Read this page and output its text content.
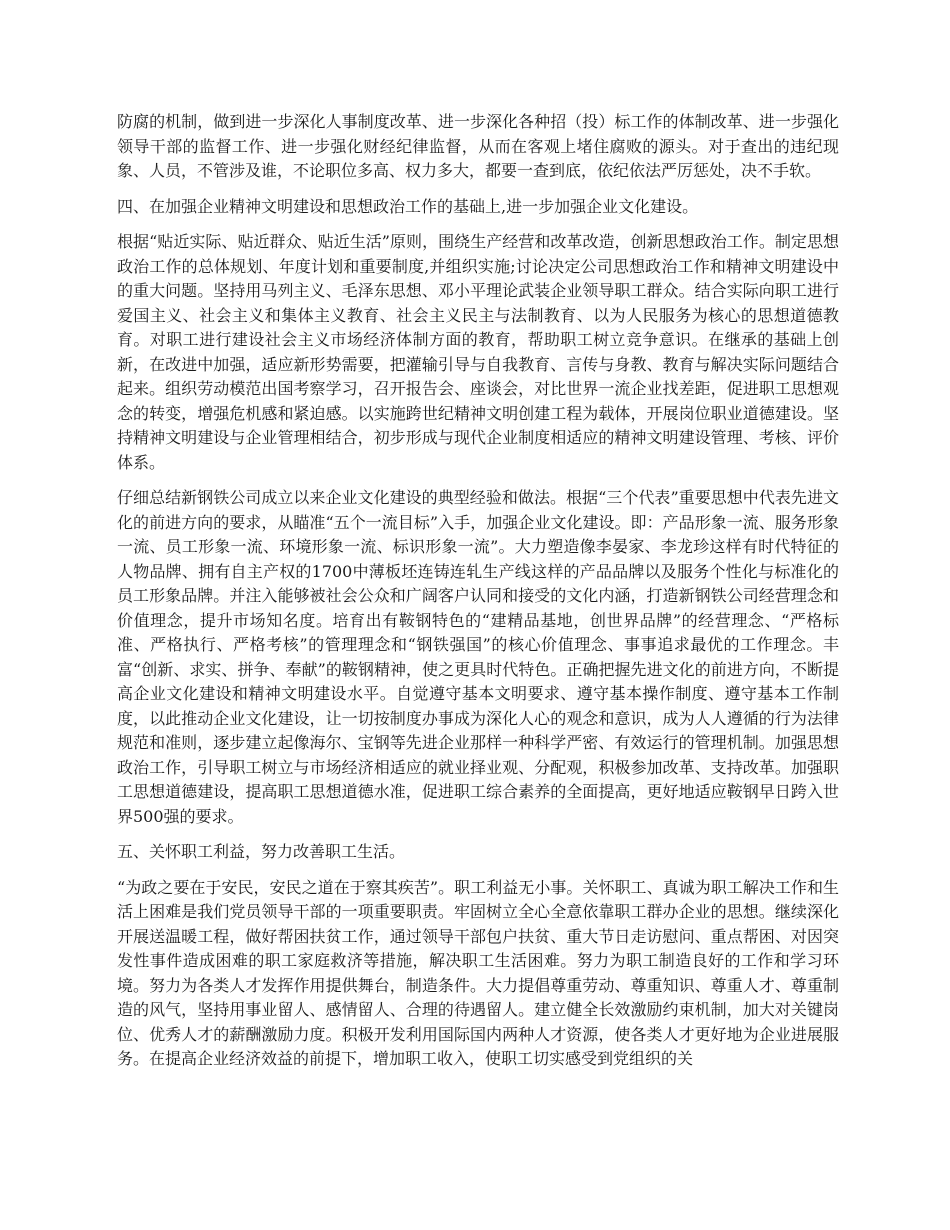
防腐的机制，做到进一步深化人事制度改革、进一步深化各种招（投）标工作的体制改革、进一步强化领导干部的监督工作、进一步强化财经纪律监督，从而在客观上堵住腐败的源头。对于查出的违纪现象、人员，不管涉及谁，不论职位多高、权力多大，都要一查到底，依纪依法严厉惩处，决不手软。

四、在加强企业精神文明建设和思想政治工作的基础上,进一步加强企业文化建设。

根据“贴近实际、贴近群众、贴近生活”原则，围绕生产经营和改革改造，创新思想政治工作。制定思想政治工作的总体规划、年度计划和重要制度,并组织实施;讨论决定公司思想政治工作和精神文明建设中的重大问题。坚持用马列主义、毛泽东思想、邓小平理论武装企业领导职工群众。结合实际向职工进行爱国主义、社会主义和集体主义教育、社会主义民主与法制教育、以为人民服务为核心的思想道德教育。对职工进行建设社会主义市场经济体制方面的教育，帮助职工树立竞争意识。在继承的基础上创新，在改进中加强，适应新形势需要，把灌输引导与自我教育、言传与身教、教育与解决实际问题结合起来。组织劳动模范出国考察学习，召开报告会、座谈会，对比世界一流企业找差距，促进职工思想观念的转变，增强危机感和紧迫感。以实施跨世纪精神文明创建工程为载体，开展岗位职业道德建设。坚持精神文明建设与企业管理相结合，初步形成与现代企业制度相适应的精神文明建设管理、考核、评价体系。

仔细总结新钢铁公司成立以来企业文化建设的典型经验和做法。根据“三个代表”重要思想中代表先进文化的前进方向的要求，从瞄准“五个一流目标”入手，加强企业文化建设。即：产品形象一流、服务形象一流、员工形象一流、环境形象一流、标识形象一流”。大力塑造像李晏家、李龙珍这样有时代特征的人物品牌、拥有自主产权的1700中薄板坯连铸连轧生产线这样的产品品牌以及服务个性化与标准化的员工形象品牌。并注入能够被社会公众和广阔客户认同和接受的文化内涵，打造新钢铁公司经营理念和价值理念，提升市场知名度。培育出有鞍钢特色的“建精品基地，创世界品牌”的经营理念、“严格标准、严格执行、严格考核”的管理理念和“钢铁强国”的核心价值理念、事事追求最优的工作理念。丰富“创新、求实、拼争、奉献”的鞍钢精神，使之更具时代特色。正确把握先进文化的前进方向，不断提高企业文化建设和精神文明建设水平。自觉遵守基本文明要求、遵守基本操作制度、遵守基本工作制度，以此推动企业文化建设，让一切按制度办事成为深化人心的观念和意识，成为人人遵循的行为法律规范和准则，逐步建立起像海尔、宝钢等先进企业那样一种科学严密、有效运行的管理机制。加强思想政治工作，引导职工树立与市场经济相适应的就业择业观、分配观，积极参加改革、支持改革。加强职工思想道德建设，提高职工思想道德水准，促进职工综合素养的全面提高，更好地适应鞍钢早日跨入世界500强的要求。

五、关怀职工利益，努力改善职工生活。

“为政之要在于安民，安民之道在于察其疾苦”。职工利益无小事。关怀职工、真诚为职工解决工作和生活上困难是我们党员领导干部的一项重要职责。牢固树立全心全意依靠职工群办企业的思想。继续深化开展送温暖工程，做好帮困扶贫工作，通过领导干部包户扶贫、重大节日走访慰问、重点帮困、对因突发性事件造成困难的职工家庭救济等措施，解决职工生活困难。努力为职工制造良好的工作和学习环境。努力为各类人才发挥作用提供舞台，制造条件。大力提倡尊重劳动、尊重知识、尊重人才、尊重制造的风气，坚持用事业留人、感情留人、合理的待遇留人。建立健全长效激励约束机制，加大对关键岗位、优秀人才的薪酬激励力度。积极开发利用国际国内两种人才资源，使各类人才更好地为企业进展服务。在提高企业经济效益的前提下，增加职工收入，使职工切实感受到党组织的关
